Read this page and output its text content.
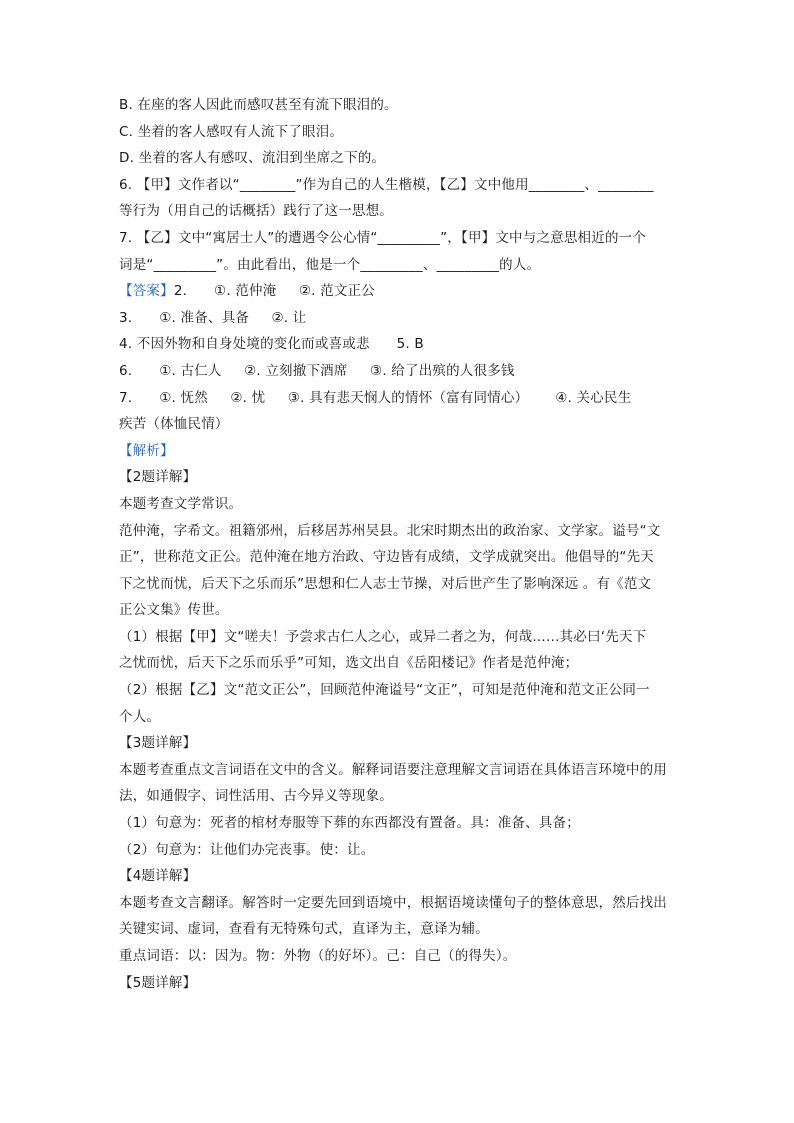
B. 在座的客人因此而感叹甚至有流下眼泪的。
C. 坐着的客人感叹有人流下了眼泪。
D. 坐着的客人有感叹、流泪到坐席之下的。
6. 【甲】文作者以“________”作为自己的人生楷模，【乙】文中他用________、________
等行为（用自己的话概括）践行了这一思想。
7. 【乙】文中“寓居士人”的遭遇令公心情“_________”，【甲】文中与之意思相近的一个
词是“_________”。由此看出，他是一个_________、_________的人。
【答案】2.      ①. 范仲淹     ②. 范文正公
3.      ①. 准备、具备     ②. 让
4. 不因外物和自身处境的变化而或喜或悲      5. B
6.      ①. 古仁人     ②. 立刻撤下酒席     ③. 给了出殡的人很多钱
7.      ①. 怃然     ②. 忧     ③. 具有悲天悯人的情怀（富有同情心）      ④. 关心民生
疾苦（体恤民情）
【解析】
【2题详解】
本题考查文学常识。
范仲淹，字希文。祖籍邠州，后移居苏州吴县。北宋时期杰出的政治家、文学家。谥号“文
正”，世称范文正公。范仲淹在地方治政、守边皆有成绩，文学成就突出。他倡导的“先天
下之忧而忧，后天下之乐而乐”思想和仁人志士节操，对后世产生了影响深远 。有《范文
正公文集》传世。
（1）根据【甲】文“嗟夫！予尝求古仁人之心，或异二者之为，何哉……其必曰‘先天下
之忧而忧，后天下之乐而乐乎”可知，选文出自《岳阳楼记》作者是范仲淹；
（2）根据【乙】文“范文正公”，回顾范仲淹谥号“文正”，可知是范仲淹和范文正公同一
个人。
【3题详解】
本题考查重点文言词语在文中的含义。解释词语要注意理解文言词语在具体语言环境中的用
法，如通假字、词性活用、古今异义等现象。
（1）句意为：死者的棺材寿服等下葬的东西都没有置备。具：准备、具备；
（2）句意为：让他们办完丧事。使：让。
【4题详解】
本题考查文言翻译。解答时一定要先回到语境中，根据语境读懂句子的整体意思，然后找出
关键实词、虚词，查看有无特殊句式，直译为主，意译为辅。
重点词语：以：因为。物：外物（的好坏）。己：自己（的得失）。
【5题详解】
